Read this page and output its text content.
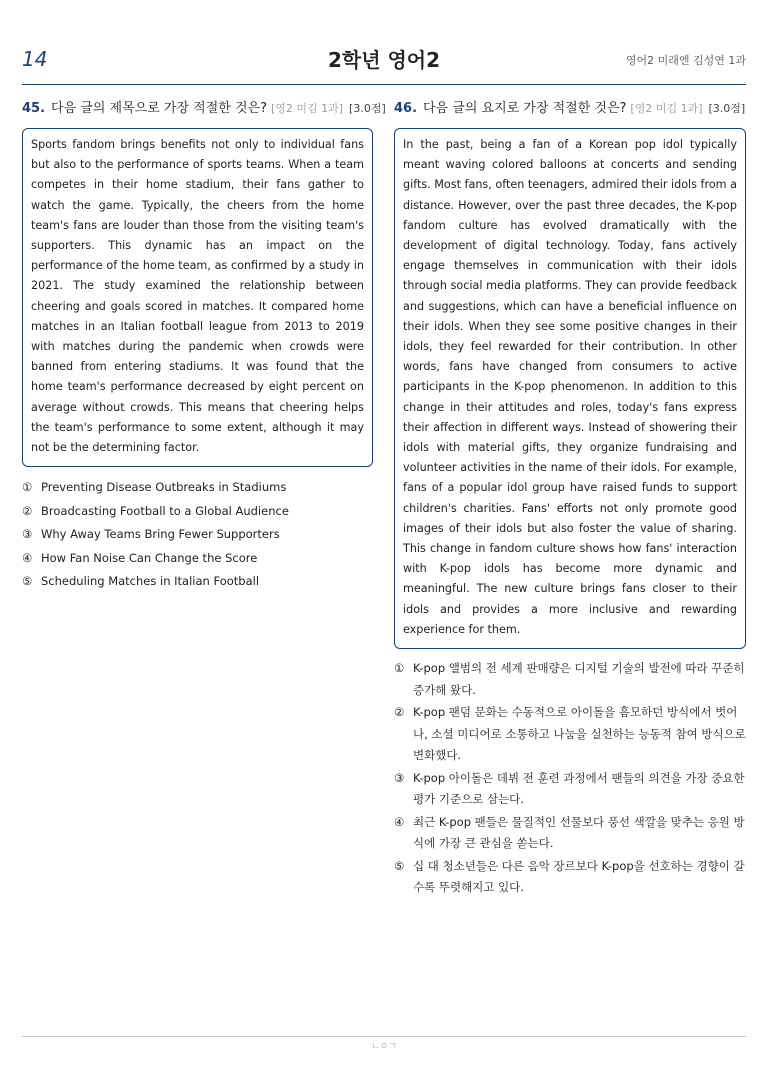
14	2학년 영어2	영어2 미래엔 김성연 1과
45. 다음 글의 제목으로 가장 적절한 것은? [영2 미김 1과] [3.0점]
Sports fandom brings benefits not only to individual fans but also to the performance of sports teams. When a team competes in their home stadium, their fans gather to watch the game. Typically, the cheers from the home team's fans are louder than those from the visiting team's supporters. This dynamic has an impact on the performance of the home team, as confirmed by a study in 2021. The study examined the relationship between cheering and goals scored in matches. It compared home matches in an Italian football league from 2013 to 2019 with matches during the pandemic when crowds were banned from entering stadiums. It was found that the home team's performance decreased by eight percent on average without crowds. This means that cheering helps the team's performance to some extent, although it may not be the determining factor.
① Preventing Disease Outbreaks in Stadiums
② Broadcasting Football to a Global Audience
③ Why Away Teams Bring Fewer Supporters
④ How Fan Noise Can Change the Score
⑤ Scheduling Matches in Italian Football
46. 다음 글의 요지로 가장 적절한 것은? [영2 미김 1과] [3.0점]
In the past, being a fan of a Korean pop idol typically meant waving colored balloons at concerts and sending gifts. Most fans, often teenagers, admired their idols from a distance. However, over the past three decades, the K-pop fandom culture has evolved dramatically with the development of digital technology. Today, fans actively engage themselves in communication with their idols through social media platforms. They can provide feedback and suggestions, which can have a beneficial influence on their idols. When they see some positive changes in their idols, they feel rewarded for their contribution. In other words, fans have changed from consumers to active participants in the K-pop phenomenon. In addition to this change in their attitudes and roles, today's fans express their affection in different ways. Instead of showering their idols with material gifts, they organize fundraising and volunteer activities in the name of their idols. For example, fans of a popular idol group have raised funds to support children's charities. Fans' efforts not only promote good images of their idols but also foster the value of sharing. This change in fandom culture shows how fans' interaction with K-pop idols has become more dynamic and meaningful. The new culture brings fans closer to their idols and provides a more inclusive and rewarding experience for them.
① K-pop 앨범의 전 세계 판매량은 디지털 기술의 발전에 따라 꾸준히 증가해 왔다.
② K-pop 팬덤 문화는 수동적으로 아이돌을 흠모하던 방식에서 벗어나, 소셜 미디어로 소통하고 나눔을 실천하는 능동적 참여 방식으로 변화했다.
③ K-pop 아이돌은 데뷔 전 훈련 과정에서 팬들의 의견을 가장 중요한 평가 기준으로 삼는다.
④ 최근 K-pop 팬들은 물질적인 선물보다 풍선 색깔을 맞추는 응원 방식에 가장 큰 관심을 쏟는다.
⑤ 십 대 청소년들은 다른 음악 장르보다 K-pop을 선호하는 경향이 갈수록 뚜렷해지고 있다.
ㄴㅇㄱ
